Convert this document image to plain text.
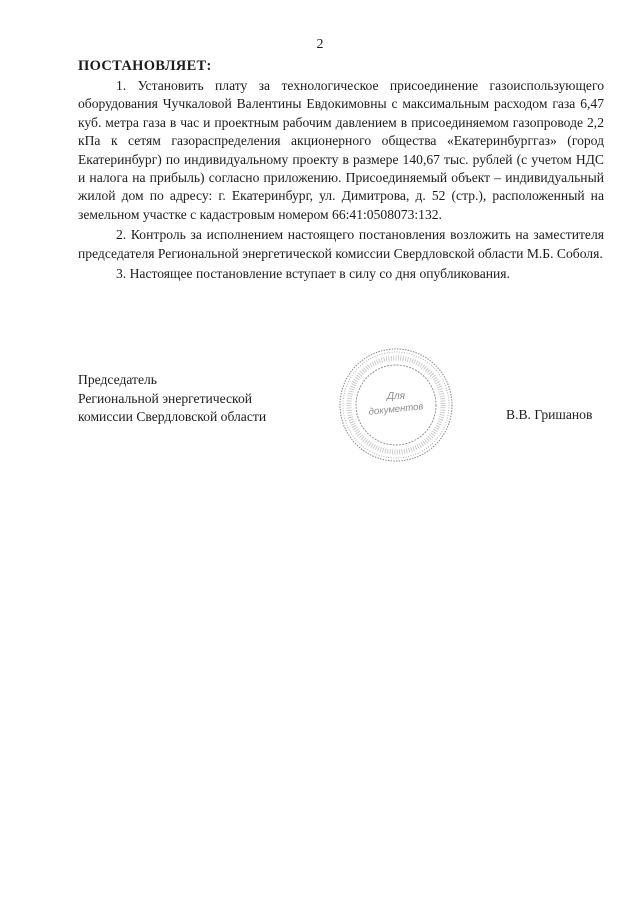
2
ПОСТАНОВЛЯЕТ:

1. Установить плату за технологическое присоединение газоиспользующего оборудования Чучкаловой Валентины Евдокимовны с максимальным расходом газа 6,47 куб. метра газа в час и проектным рабочим давлением в присоединяемом газопроводе 2,2 кПа к сетям газораспределения акционерного общества «Екатеринбурггаз» (город Екатеринбург) по индивидуальному проекту в размере 140,67 тыс. рублей (с учетом НДС и налога на прибыль) согласно приложению. Присоединяемый объект – индивидуальный жилой дом по адресу: г. Екатеринбург, ул. Димитрова, д. 52 (стр.), расположенный на земельном участке с кадастровым номером 66:41:0508073:132.

2. Контроль за исполнением настоящего постановления возложить на заместителя председателя Региональной энергетической комиссии Свердловской области М.Б. Соболя.

3. Настоящее постановление вступает в силу со дня опубликования.

Председатель
Региональной энергетической
комиссии Свердловской области
Для
документов	В.В. Гришанов
